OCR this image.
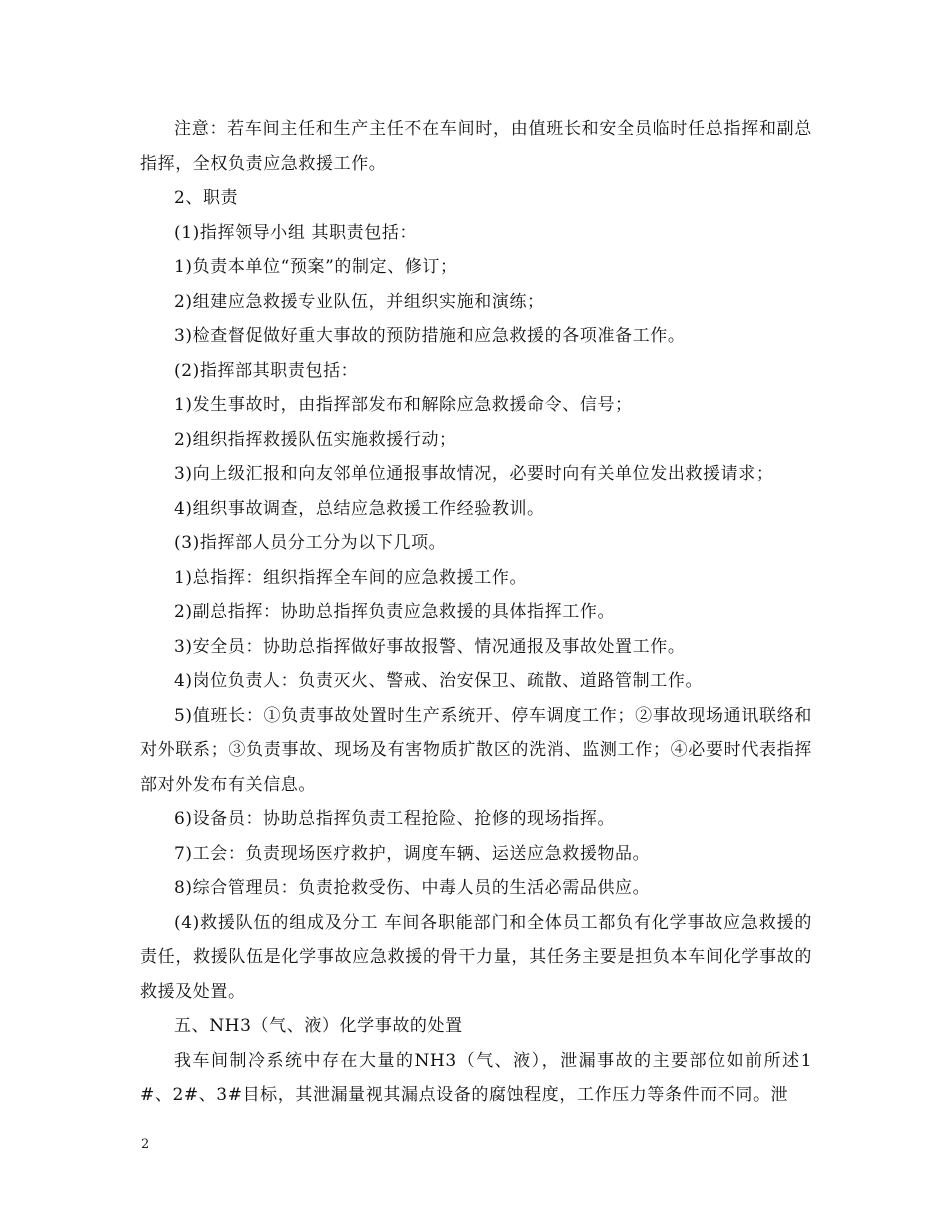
注意：若车间主任和生产主任不在车间时，由值班长和安全员临时任总指挥和副总指挥，全权负责应急救援工作。

2、职责

(1)指挥领导小组 其职责包括：

1)负责本单位“预案”的制定、修订；

2)组建应急救援专业队伍，并组织实施和演练；

3)检查督促做好重大事故的预防措施和应急救援的各项准备工作。

(2)指挥部其职责包括：

1)发生事故时，由指挥部发布和解除应急救援命令、信号；

2)组织指挥救援队伍实施救援行动；

3)向上级汇报和向友邻单位通报事故情况，必要时向有关单位发出救援请求；

4)组织事故调查，总结应急救援工作经验教训。

(3)指挥部人员分工分为以下几项。

1)总指挥：组织指挥全车间的应急救援工作。

2)副总指挥：协助总指挥负责应急救援的具体指挥工作。

3)安全员：协助总指挥做好事故报警、情况通报及事故处置工作。

4)岗位负责人：负责灭火、警戒、治安保卫、疏散、道路管制工作。

5)值班长：①负责事故处置时生产系统开、停车调度工作；②事故现场通讯联络和对外联系；③负责事故、现场及有害物质扩散区的洗消、监测工作；④必要时代表指挥部对外发布有关信息。

6)设备员：协助总指挥负责工程抢险、抢修的现场指挥。

7)工会：负责现场医疗救护，调度车辆、运送应急救援物品。

8)综合管理员：负责抢救受伤、中毒人员的生活必需品供应。

(4)救援队伍的组成及分工 车间各职能部门和全体员工都负有化学事故应急救援的责任，救援队伍是化学事故应急救援的骨干力量，其任务主要是担负本车间化学事故的救援及处置。

五、NH3（气、液）化学事故的处置

我车间制冷系统中存在大量的NH3（气、液），泄漏事故的主要部位如前所述1#、2#、3#目标，其泄漏量视其漏点设备的腐蚀程度，工作压力等条件而不同。泄

2
